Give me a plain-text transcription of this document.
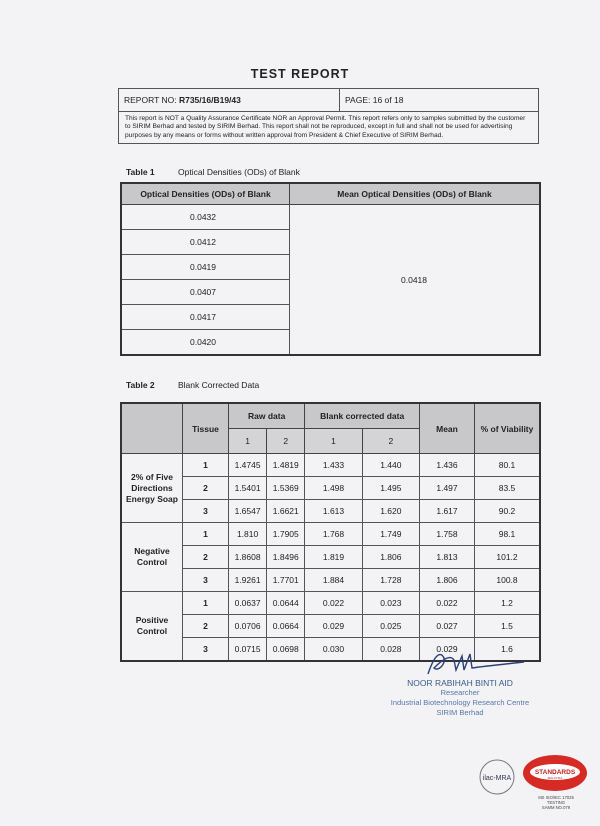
TEST REPORT
REPORT NO: R735/16/B19/43	PAGE: 16 of 18
This report is NOT a Quality Assurance Certificate NOR an Approval Permit. This report refers only to samples submitted by the customer to SIRIM Berhad and tested by SIRIM Berhad. This report shall not be reproduced, except in full and shall not be used for advertising purposes by any means or forms without written approval from President & Chief Executive of SIRIM Berhad.
Table 1	Optical Densities (ODs) of Blank
Optical Densities (ODs) of Blank	Mean Optical Densities (ODs) of Blank
0.0432	0.0418
0.0412	
0.0419	
0.0407	
0.0417	
0.0420	
Table 2	Blank Corrected Data
	Tissue	Raw data		Blank corrected data		Mean	% of Viability
		1	2	1	2		
2% of Five Directions Energy Soap	1	1.4745	1.4819	1.433	1.440	1.436	80.1
	2	1.5401	1.5369	1.498	1.495	1.497	83.5
	3	1.6547	1.6621	1.613	1.620	1.617	90.2
Negative Control	1	1.810	1.7905	1.768	1.749	1.758	98.1
	2	1.8608	1.8496	1.819	1.806	1.813	101.2
	3	1.9261	1.7701	1.884	1.728	1.806	100.8
Positive Control	1	0.0637	0.0644	0.022	0.023	0.022	1.2
	2	0.0706	0.0664	0.029	0.025	0.027	1.5
	3	0.0715	0.0698	0.030	0.028	0.029	1.6
NOOR RABIHAH BINTI AID
Researcher
Industrial Biotechnology Research Centre
SIRIM Berhad
ilac-MRA
STANDARDS
MALAYSIA
MS ISO/IEC 17025
TESTING
SAMM NO.079
